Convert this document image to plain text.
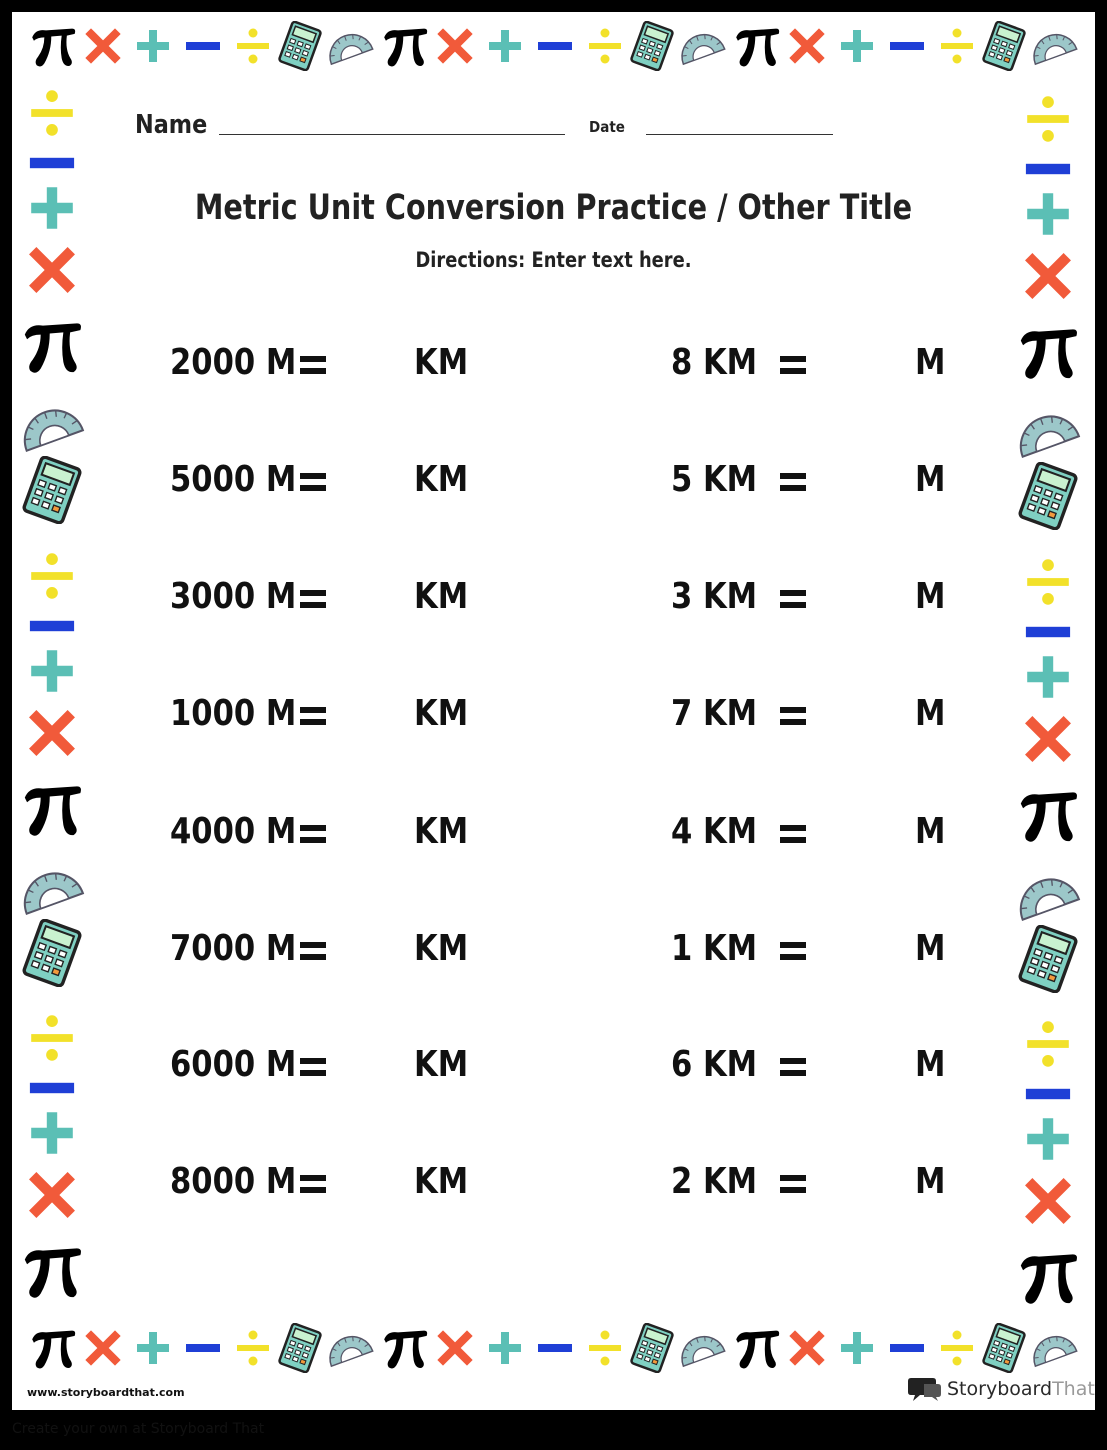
Name	Date
Metric Unit Conversion Practice / Other Title
Directions: Enter text here.
2000 M	KM	8 KM	M
5000 M	KM	5 KM	M
3000 M	KM	3 KM	M
1000 M	KM	7 KM	M
4000 M	KM	4 KM	M
7000 M	KM	1 KM	M
6000 M	KM	6 KM	M
8000 M	KM	2 KM	M
www.storyboardthat.com	StoryboardThat
Create your own at Storyboard That
